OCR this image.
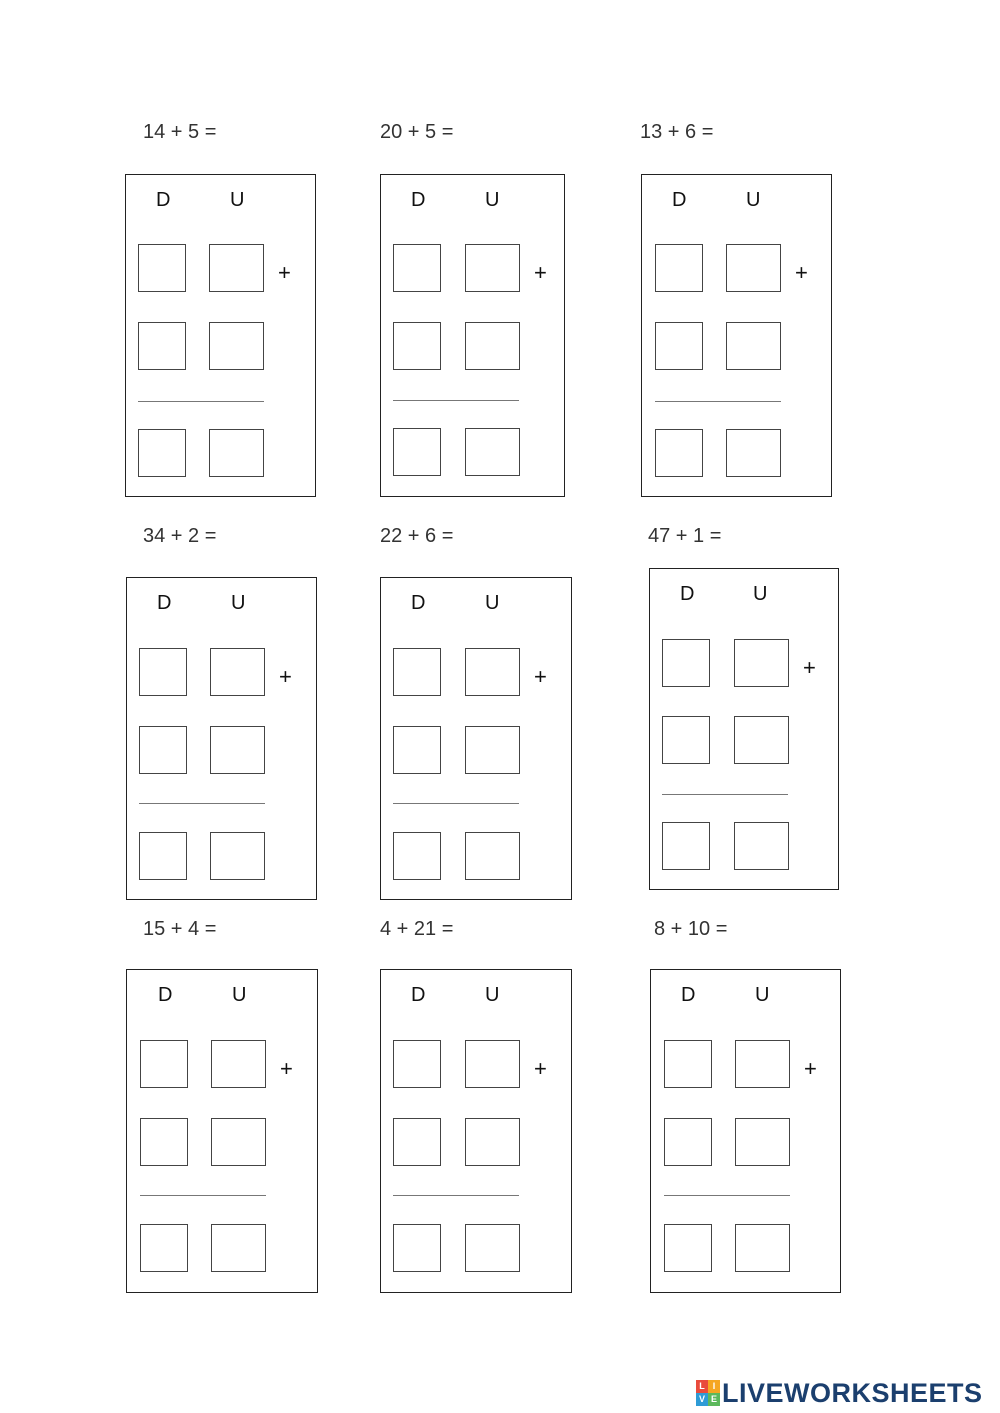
14 + 5 =
D	U
+
20 + 5 =
D	U
+
13 + 6 =
D	U
+
34 + 2 =
D	U
+
22 + 6 =
D	U
+
47 + 1 =
D	U
+
15 + 4 =
D	U
+
4 + 21 =
D	U
+
8 + 10 =
D	U
+
L I
V E LIVEWORKSHEETS
